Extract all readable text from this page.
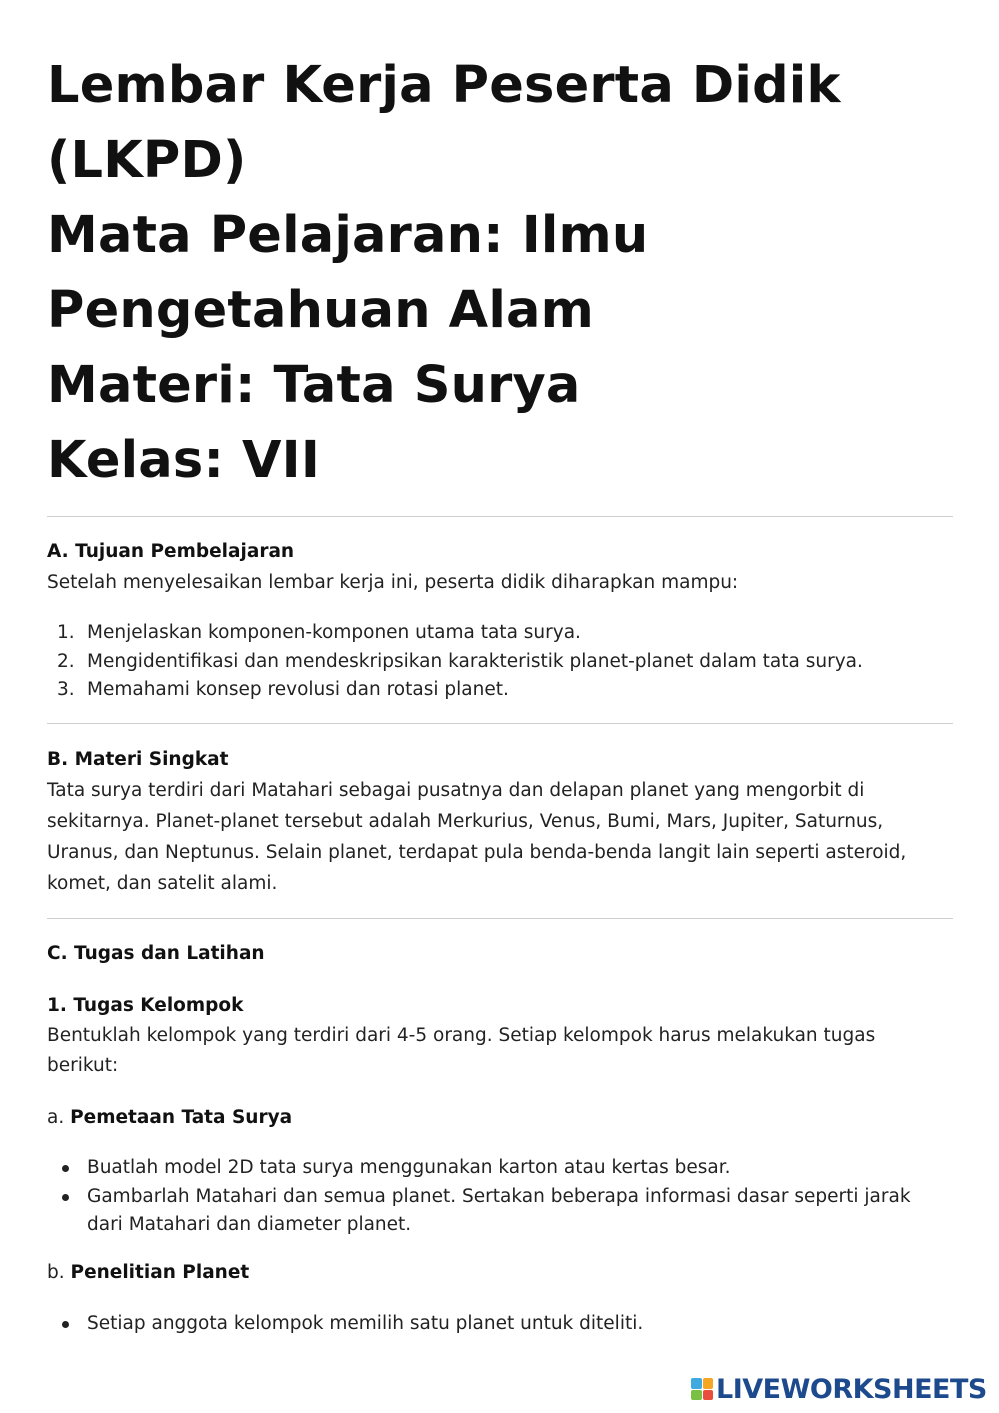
Lembar Kerja Peserta Didik
(LKPD)
Mata Pelajaran: Ilmu
Pengetahuan Alam
Materi: Tata Surya
Kelas: VII
A. Tujuan Pembelajaran
Setelah menyelesaikan lembar kerja ini, peserta didik diharapkan mampu:
1. Menjelaskan komponen-komponen utama tata surya.
2. Mengidentifikasi dan mendeskripsikan karakteristik planet-planet dalam tata surya.
3. Memahami konsep revolusi dan rotasi planet.
B. Materi Singkat
Tata surya terdiri dari Matahari sebagai pusatnya dan delapan planet yang mengorbit di sekitarnya. Planet-planet tersebut adalah Merkurius, Venus, Bumi, Mars, Jupiter, Saturnus, Uranus, dan Neptunus. Selain planet, terdapat pula benda-benda langit lain seperti asteroid, komet, dan satelit alami.
C. Tugas dan Latihan
1. Tugas Kelompok
Bentuklah kelompok yang terdiri dari 4-5 orang. Setiap kelompok harus melakukan tugas berikut:
a. Pemetaan Tata Surya
Buatlah model 2D tata surya menggunakan karton atau kertas besar.
Gambarlah Matahari dan semua planet. Sertakan beberapa informasi dasar seperti jarak dari Matahari dan diameter planet.
b. Penelitian Planet
Setiap anggota kelompok memilih satu planet untuk diteliti.
LIVEWORKSHEETS
